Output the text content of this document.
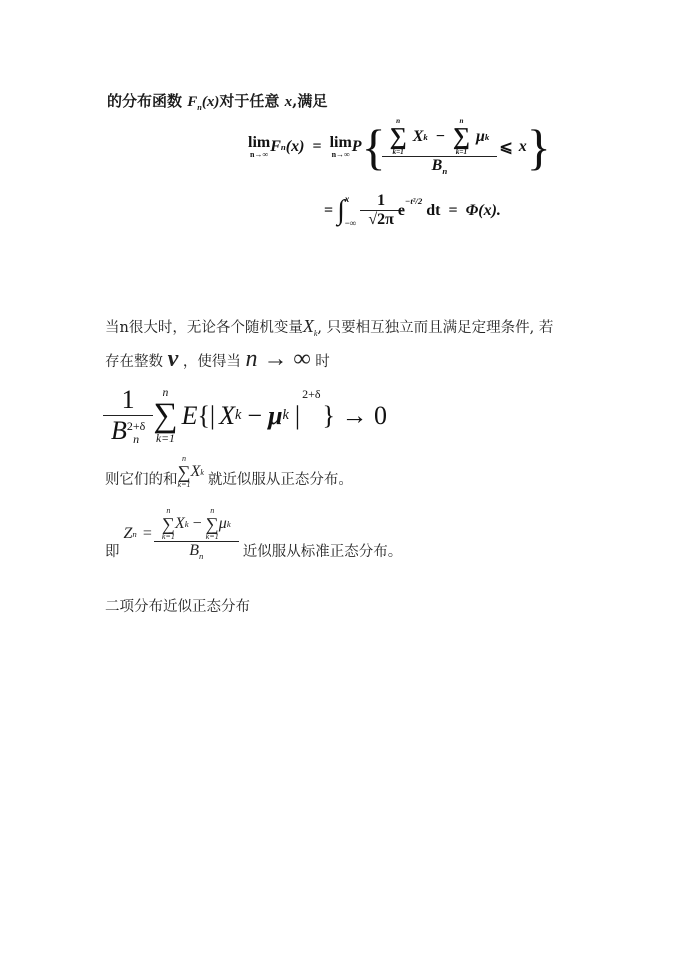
的分布函数 $F_n(x)$对于任意 x,满足
lim
n→∞ F n (x) = lim
n→∞ P { n
∑
k=1
X k −
n
∑
k=1
μ k
$B_n$ ⩽ x }
= ∫ x
−∞ $\frac{1}{√2\pi}$ e
$^{-t^2/2}$
dt = Φ(x).
当n很大时，无论各个随机变量$X_k$, 只要相互独立而且满足定理条件, 若
存在整数 v ，使得当 n → ∞ 时
1
B 2+δ
n n
∑
k=1
E {| X k − μ k |
$^{2+\delta}$
} → 0
则它们的和
n
∑
k=1
X k
就近似服从正态分布。
即
Z n = n
∑
k=1
X k −
n
∑
k=1
μ k
$B_n$ 近似服从标准正态分布。
二项分布近似正态分布
